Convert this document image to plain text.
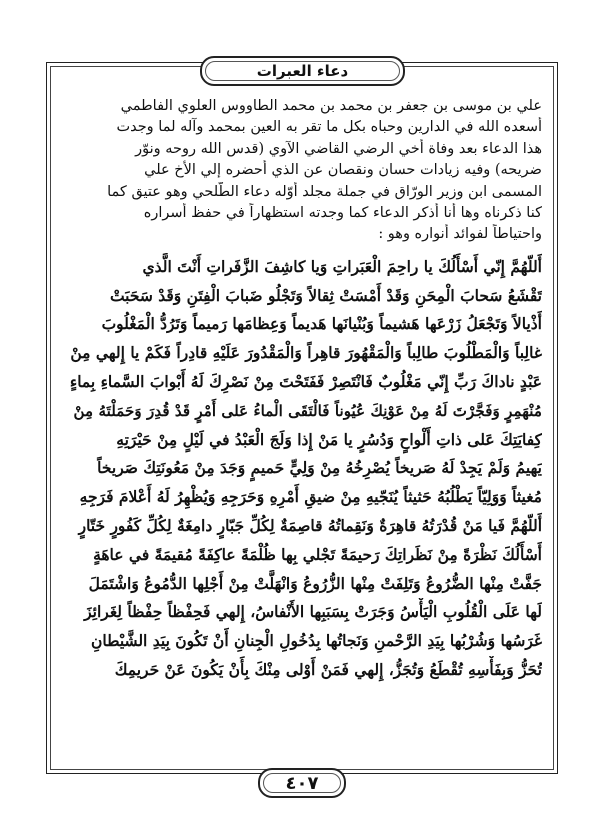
دعاء العبرات
علي بن موسى بن جعفر بن محمد بن محمد الطاووس العلوي الفاطمي
أسعده الله في الدارين وحباه بكل ما تقر به العين بمحمد وآله لما وجدت
هذا الدعاء بعد وفاة أخي الرضي القاضي الآوي (قدس الله روحه ونوّر
ضريحه) وفيه زيادات حسان ونقصان عن الذي أحضره إلي الأخ علي
المسمى ابن وزير الورّاق في جملة مجلد أوّله دعاء الطّلحي وهو عتيق كما
كنا ذكرناه وها أنا أذكر الدعاء كما وجدته استظهاراً في حفظ أسراره
واحتياطاً لفوائد أنواره وهو :
أَللّهُمَّ إِنّي أَسْأَلُكَ يا راحِمَ الْعَبَراتِ وَيا كاشِفَ الزَّفَراتِ أَنْتَ الَّذي
تَقْشَعُ سَحابَ الْمِحَنِ وَقَدْ أَمْسَتْ ثِقالاً وَتَجْلُو ضَبابَ الْفِتَنِ وَقَدْ سَحَبَتْ
أَذْيالاً وَتَجْعَلُ زَرْعَها هَشيماً وَبُنْيانَها هَديماً وَعِظامَها رَميماً وَتَرُدُّ الْمَغْلُوبَ
غالِباً وَالْمَطْلُوبَ طالِباً وَالْمَقْهُورَ قاهِراً وَالْمَقْدُورَ عَلَيْهِ قادِراً فَكَمْ يا إِلهي مِنْ
عَبْدٍ ناداكَ رَبِّ إِنّي مَغْلُوبٌ فَانْتَصِرْ فَفَتَحْتَ مِنْ نَصْرِكَ لَهُ أَبْوابَ السَّماءِ بِماءٍ
مُنْهَمِرٍ وَفَجَّرْتَ لَهُ مِنْ عَوْنِكَ عُيُوناً فَالْتَقَى الْماءُ عَلى أَمْرٍ قَدْ قُدِرَ وَحَمَلْتَهُ مِنْ
كِفايَتِكَ عَلى ذاتِ أَلْواحٍ وَدُسُرٍ يا مَنْ إِذا وَلَجَ الْعَبْدُ في لَيْلٍ مِنْ حَيْرَتِهِ
يَهيمُ وَلَمْ يَجِدْ لَهُ صَريخاً يُصْرِخُهُ مِنْ وَلِيٍّ حَميمٍ وَجَدَ مِنْ مَعُونَتِكَ صَريخاً
مُغيثاً وَوَلِيّاً يَطْلُبُهُ حَثيثاً يُنَجّيهِ مِنْ ضيقِ أَمْرِهِ وَحَرَجِهِ وَيُظْهِرُ لَهُ أَعْلامَ فَرَجِهِ
أَللّهُمَّ فَيا مَنْ قُدْرَتُهُ قاهِرَةٌ وَنَقِماتُهُ قاصِمَةٌ لِكُلِّ جَبّارٍ دامِغَةٌ لِكُلِّ كَفُورٍ خَتّارٍ
أَسْأَلُكَ نَظْرَةً مِنْ نَظَراتِكَ رَحيمَةً تَجْلي بِها ظُلْمَةً عاكِفَةً مُقيمَةً في عاهَةٍ
جَفَّتْ مِنْها الضُّرُوعُ وَتَلِفَتْ مِنْها الزُّرُوعُ وَانْهَلَّتْ مِنْ أَجْلِها الدُّمُوعُ وَاشْتَمَلَ
لَها عَلَى الْقُلُوبِ الْيَأْسُ وَجَرَتْ بِسَبَبِها الأَنْفاسُ، إِلهي فَحِفْظاً حِفْظاً لِغَرائِزَ
غَرَسُها وَشُرْبُها بِيَدِ الرَّحْمنِ وَنَجاتُها بِدُخُولِ الْجِنانِ أَنْ تَكُونَ بِيَدِ الشَّيْطانِ
تُحَزُّ وَبِفَأْسِهِ تُقْطَعُ وَتُجَزُّ، إِلهي فَمَنْ أَوْلى مِنْكَ بِأَنْ يَكُونَ عَنْ حَريمِكَ
٤٠٧
